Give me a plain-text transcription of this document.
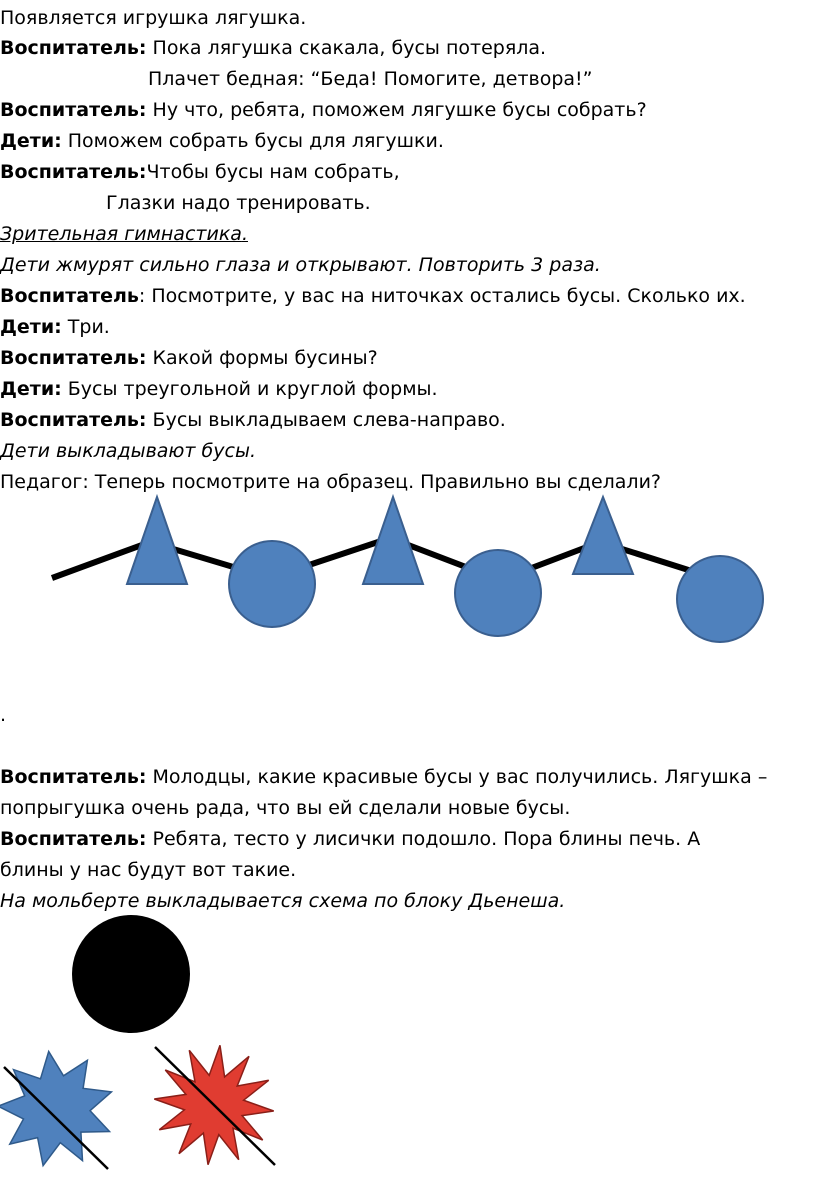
Появляется игрушка лягушка.
Воспитатель: Пока лягушка скакала, бусы потеряла.
Плачет бедная: “Беда! Помогите, детвора!”
Воспитатель: Ну что, ребята, поможем лягушке бусы собрать?
Дети: Поможем собрать бусы для лягушки.
Воспитатель:Чтобы бусы нам собрать,
Глазки надо тренировать.
Зрительная гимнастика.
Дети жмурят сильно глаза и открывают. Повторить 3 раза.
Воспитатель: Посмотрите, у вас на ниточках остались бусы. Сколько их.
Дети: Три.
Воспитатель: Какой формы бусины?
Дети: Бусы треугольной и круглой формы.
Воспитатель: Бусы выкладываем слева-направо.
Дети выкладывают бусы.
Педагог: Теперь посмотрите на образец. Правильно вы сделали?
.
Воспитатель: Молодцы, какие красивые бусы у вас получились. Лягушка –
попрыгушка очень рада, что вы ей сделали новые бусы.
Воспитатель: Ребята, тесто у лисички подошло. Пора блины печь. А
блины у нас будут вот такие.
На мольберте выкладывается схема по блоку Дьенеша.
